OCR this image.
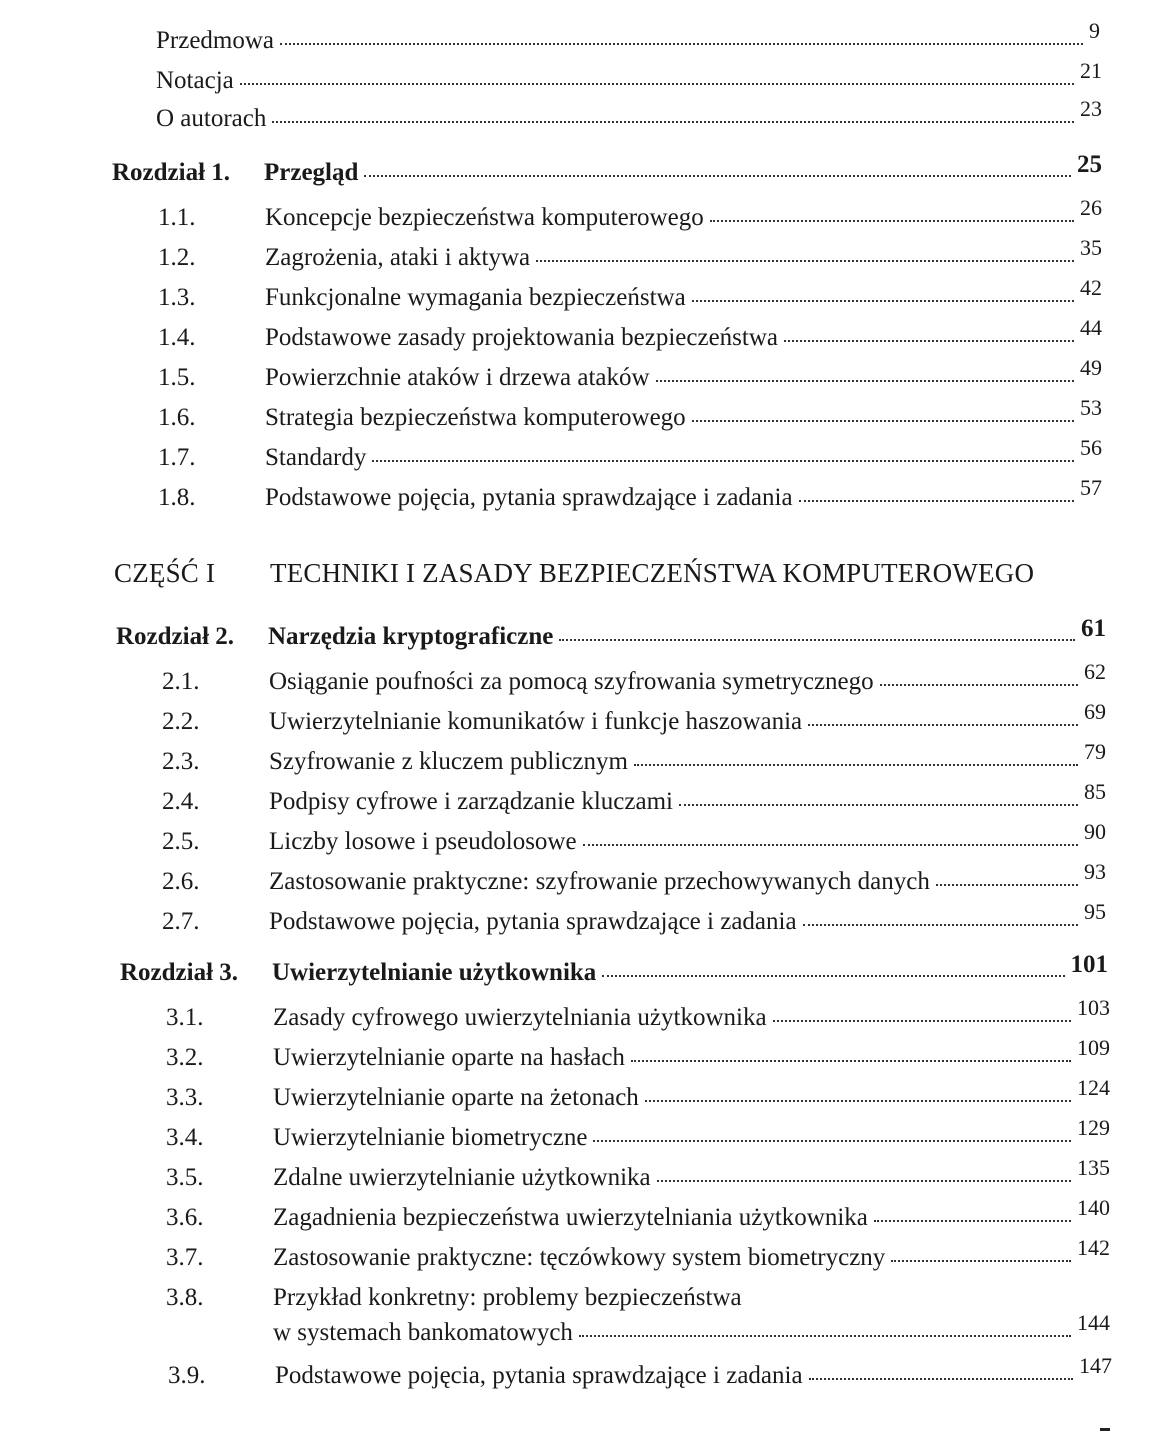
Przedmowa	9
Notacja	21
O autorach	23
Rozdział 1.	Przegląd	25
1.1.	Koncepcje bezpieczeństwa komputerowego	26
1.2.	Zagrożenia, ataki i aktywa	35
1.3.	Funkcjonalne wymagania bezpieczeństwa	42
1.4.	Podstawowe zasady projektowania bezpieczeństwa	44
1.5.	Powierzchnie ataków i drzewa ataków	49
1.6.	Strategia bezpieczeństwa komputerowego	53
1.7.	Standardy	56
1.8.	Podstawowe pojęcia, pytania sprawdzające i zadania	57
CZĘŚĆ I	TECHNIKI I ZASADY BEZPIECZEŃSTWA KOMPUTEROWEGO
Rozdział 2.	Narzędzia kryptograficzne	61
2.1.	Osiąganie poufności za pomocą szyfrowania symetrycznego	62
2.2.	Uwierzytelnianie komunikatów i funkcje haszowania	69
2.3.	Szyfrowanie z kluczem publicznym	79
2.4.	Podpisy cyfrowe i zarządzanie kluczami	85
2.5.	Liczby losowe i pseudolosowe	90
2.6.	Zastosowanie praktyczne: szyfrowanie przechowywanych danych	93
2.7.	Podstawowe pojęcia, pytania sprawdzające i zadania	95
Rozdział 3.	Uwierzytelnianie użytkownika	101
3.1.	Zasady cyfrowego uwierzytelniania użytkownika	103
3.2.	Uwierzytelnianie oparte na hasłach	109
3.3.	Uwierzytelnianie oparte na żetonach	124
3.4.	Uwierzytelnianie biometryczne	129
3.5.	Zdalne uwierzytelnianie użytkownika	135
3.6.	Zagadnienia bezpieczeństwa uwierzytelniania użytkownika	140
3.7.	Zastosowanie praktyczne: tęczówkowy system biometryczny	142
3.8.	Przykład konkretny: problemy bezpieczeństwa
w systemach bankomatowych	144
3.9.	Podstawowe pojęcia, pytania sprawdzające i zadania	147
